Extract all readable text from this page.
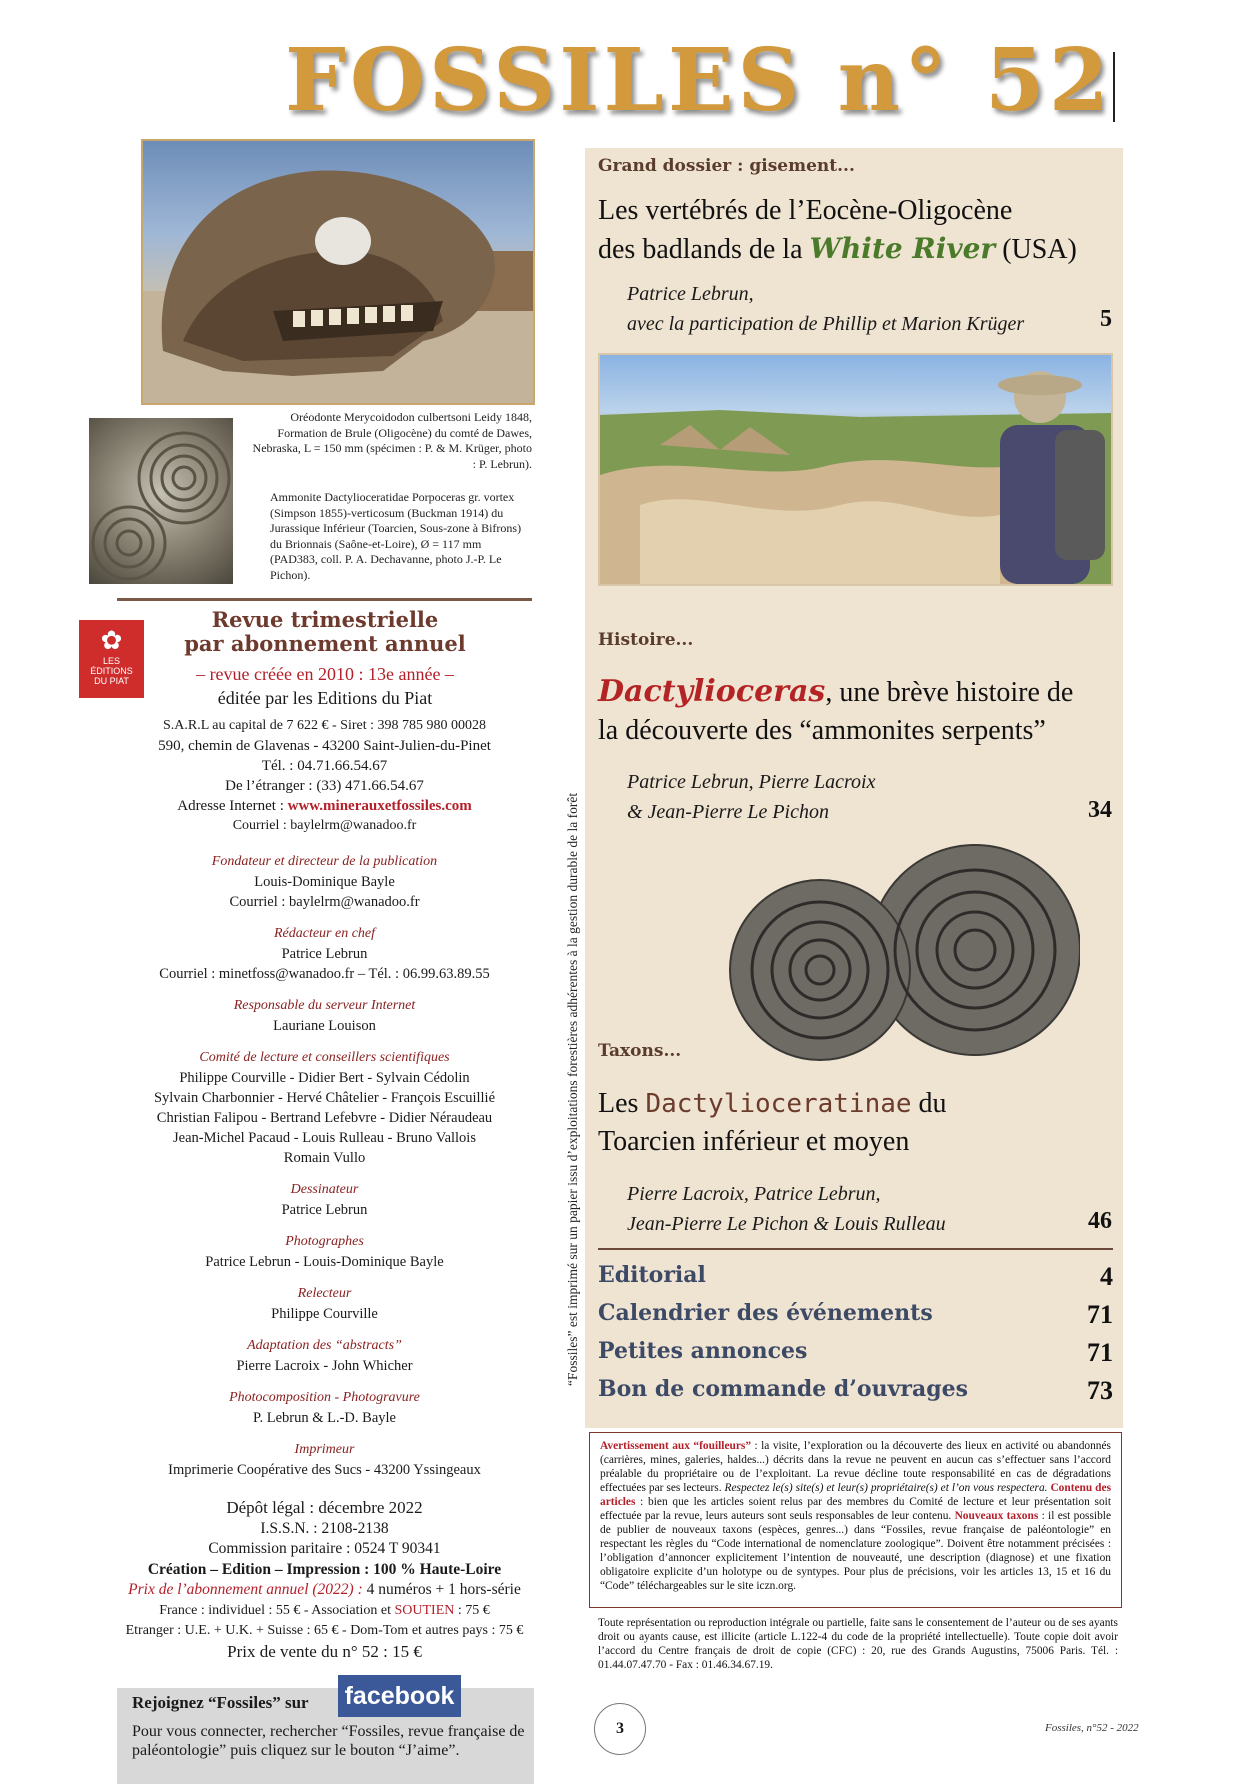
FOSSILES n° 52
Oréodonte Merycoidodon culbertsoni Leidy 1848, Formation de Brule (Oligocène) du comté de Dawes, Nebraska, L = 150 mm (spécimen : P. & M. Krüger, photo : P. Lebrun).
Ammonite Dactylioceratidae Porpoceras gr. vortex (Simpson 1855)-verticosum (Buckman 1914) du Jurassique Inférieur (Toarcien, Sous-zone à Bifrons) du Brionnais (Saône-et-Loire), Ø = 117 mm (PAD383, coll. P. A. Dechavanne, photo J.-P. Le Pichon).
✿
LES
ÉDITIONS
DU PIAT
Revue trimestrielle
par abonnement annuel
– revue créée en 2010 : 13e année –
éditée par les Editions du Piat
S.A.R.L au capital de 7 622 € - Siret : 398 785 980 00028
590, chemin de Glavenas - 43200 Saint-Julien-du-Pinet
Tél. : 04.71.66.54.67
De l’étranger : (33) 471.66.54.67
Adresse Internet : www.minerauxetfossiles.com
Courriel : baylelrm@wanadoo.fr
Fondateur et directeur de la publication
Louis-Dominique Bayle
Courriel : baylelrm@wanadoo.fr
Rédacteur en chef
Patrice Lebrun
Courriel : minetfoss@wanadoo.fr – Tél. : 06.99.63.89.55
Responsable du serveur Internet
Lauriane Louison
Comité de lecture et conseillers scientifiques
Philippe Courville - Didier Bert - Sylvain Cédolin
Sylvain Charbonnier - Hervé Châtelier - François Escuillié
Christian Falipou - Bertrand Lefebvre - Didier Néraudeau
Jean-Michel Pacaud - Louis Rulleau - Bruno Vallois
Romain Vullo
Dessinateur
Patrice Lebrun
Photographes
Patrice Lebrun - Louis-Dominique Bayle
Relecteur
Philippe Courville
Adaptation des “abstracts”
Pierre Lacroix - John Whicher
Photocomposition - Photogravure
P. Lebrun & L.-D. Bayle
Imprimeur
Imprimerie Coopérative des Sucs - 43200 Yssingeaux
Dépôt légal : décembre 2022
I.S.S.N. : 2108-2138
Commission paritaire : 0524 T 90341
Création – Edition – Impression : 100 % Haute-Loire
Prix de l’abonnement annuel (2022) : 4 numéros + 1 hors-série
France : individuel : 55 € - Association et SOUTIEN : 75 €
Etranger : U.E. + U.K. + Suisse : 65 € - Dom-Tom et autres pays : 75 €
Prix de vente du n° 52 : 15 €
facebook
Rejoignez “Fossiles” sur
Pour vous connecter, rechercher “Fossiles, revue française de paléontologie” puis cliquez sur le bouton “J’aime”.
“Fossiles” est imprimé sur un papier issu d’exploitations forestières adhérentes à la gestion durable de la forêt
Grand dossier : gisement...
Les vertébrés de l’Eocène-Oligocène
des badlands de la White River (USA)
Patrice Lebrun,
avec la participation de Phillip et Marion Krüger	5
Histoire...
Dactylioceras, une brève histoire de
la découverte des “ammonites serpents”
Patrice Lebrun, Pierre Lacroix
& Jean-Pierre Le Pichon	34
Taxons...
Les Dactylioceratinae du
Toarcien inférieur et moyen
Pierre Lacroix, Patrice Lebrun,
Jean-Pierre Le Pichon & Louis Rulleau	46
Editorial	4
Calendrier des événements	71
Petites annonces	71
Bon de commande d’ouvrages	73
Avertissement aux “fouilleurs” : la visite, l’exploration ou la découverte des lieux en activité ou abandonnés (carrières, mines, galeries, haldes...) décrits dans la revue ne peuvent en aucun cas s’effectuer sans l’accord préalable du propriétaire ou de l’exploitant. La revue décline toute responsabilité en cas de dégradations effectuées par ses lecteurs. Respectez le(s) site(s) et leur(s) propriétaire(s) et l’on vous respectera. Contenu des articles : bien que les articles soient relus par des membres du Comité de lecture et leur présentation soit effectuée par la revue, leurs auteurs sont seuls responsables de leur contenu. Nouveaux taxons : il est possible de publier de nouveaux taxons (espèces, genres...) dans “Fossiles, revue française de paléontologie” en respectant les règles du “Code international de nomenclature zoologique”. Doivent être notamment précisées : l’obligation d’annoncer explicitement l’intention de nouveauté, une description (diagnose) et une fixation obligatoire explicite d’un holotype ou de syntypes. Pour plus de précisions, voir les articles 13, 15 et 16 du “Code” téléchargeables sur le site iczn.org.
Toute représentation ou reproduction intégrale ou partielle, faite sans le consentement de l’auteur ou de ses ayants droit ou ayants cause, est illicite (article L.122-4 du code de la propriété intellectuelle). Toute copie doit avoir l’accord du Centre français de droit de copie (CFC) : 20, rue des Grands Augustins, 75006 Paris. Tél. : 01.44.07.47.70 - Fax : 01.46.34.67.19.
3	Fossiles, n°52 - 2022
